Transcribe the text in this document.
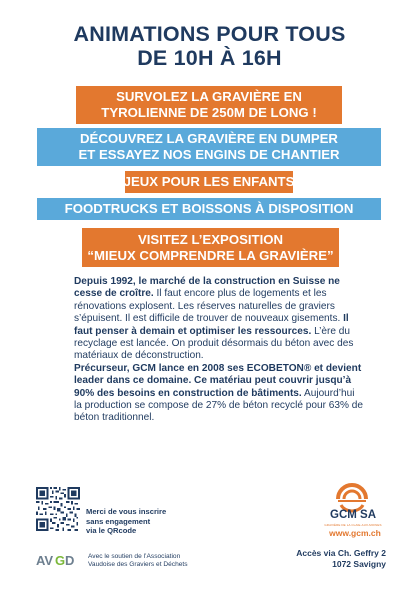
ANIMATIONS POUR TOUS
DE 10H À 16H
SURVOLEZ LA GRAVIÈRE EN
TYROLIENNE DE 250M DE LONG !
DÉCOUVREZ LA GRAVIÈRE EN DUMPER
ET ESSAYEZ NOS ENGINS DE CHANTIER
JEUX POUR LES ENFANTS
FOODTRUCKS ET BOISSONS À DISPOSITION
VISITEZ L’EXPOSITION
“MIEUX COMPRENDRE LA GRAVIÈRE”

Depuis 1992, le marché de la construction en Suisse ne cesse de croître. Il faut encore plus de logements et les rénovations explosent. Les réserves naturelles de graviers s’épuisent. Il est difficile de trouver de nouveaux gisements. Il faut penser à demain et optimiser les ressources. L’ère du recyclage est lancée. On produit désormais du béton avec des matériaux de déconstruction.

Précurseur, GCM lance en 2008 ses ECOBETON® et devient leader dans ce domaine. Ce matériau peut couvrir jusqu’à 90% des besoins en construction de bâtiments. Aujourd’hui la production se compose de 27% de béton recyclé pour 63% de béton traditionnel.

Merci de vous inscrire
sans engagement
via le QRcode
AV G D Avec le soutien de l’Association
Vaudoise des Graviers et Déchets
GCM SA
GRAVIÈRE DE LA CLAIE-AUX-MOINES
www.gcm.ch
Accès via Ch. Geffry 2
1072 Savigny
